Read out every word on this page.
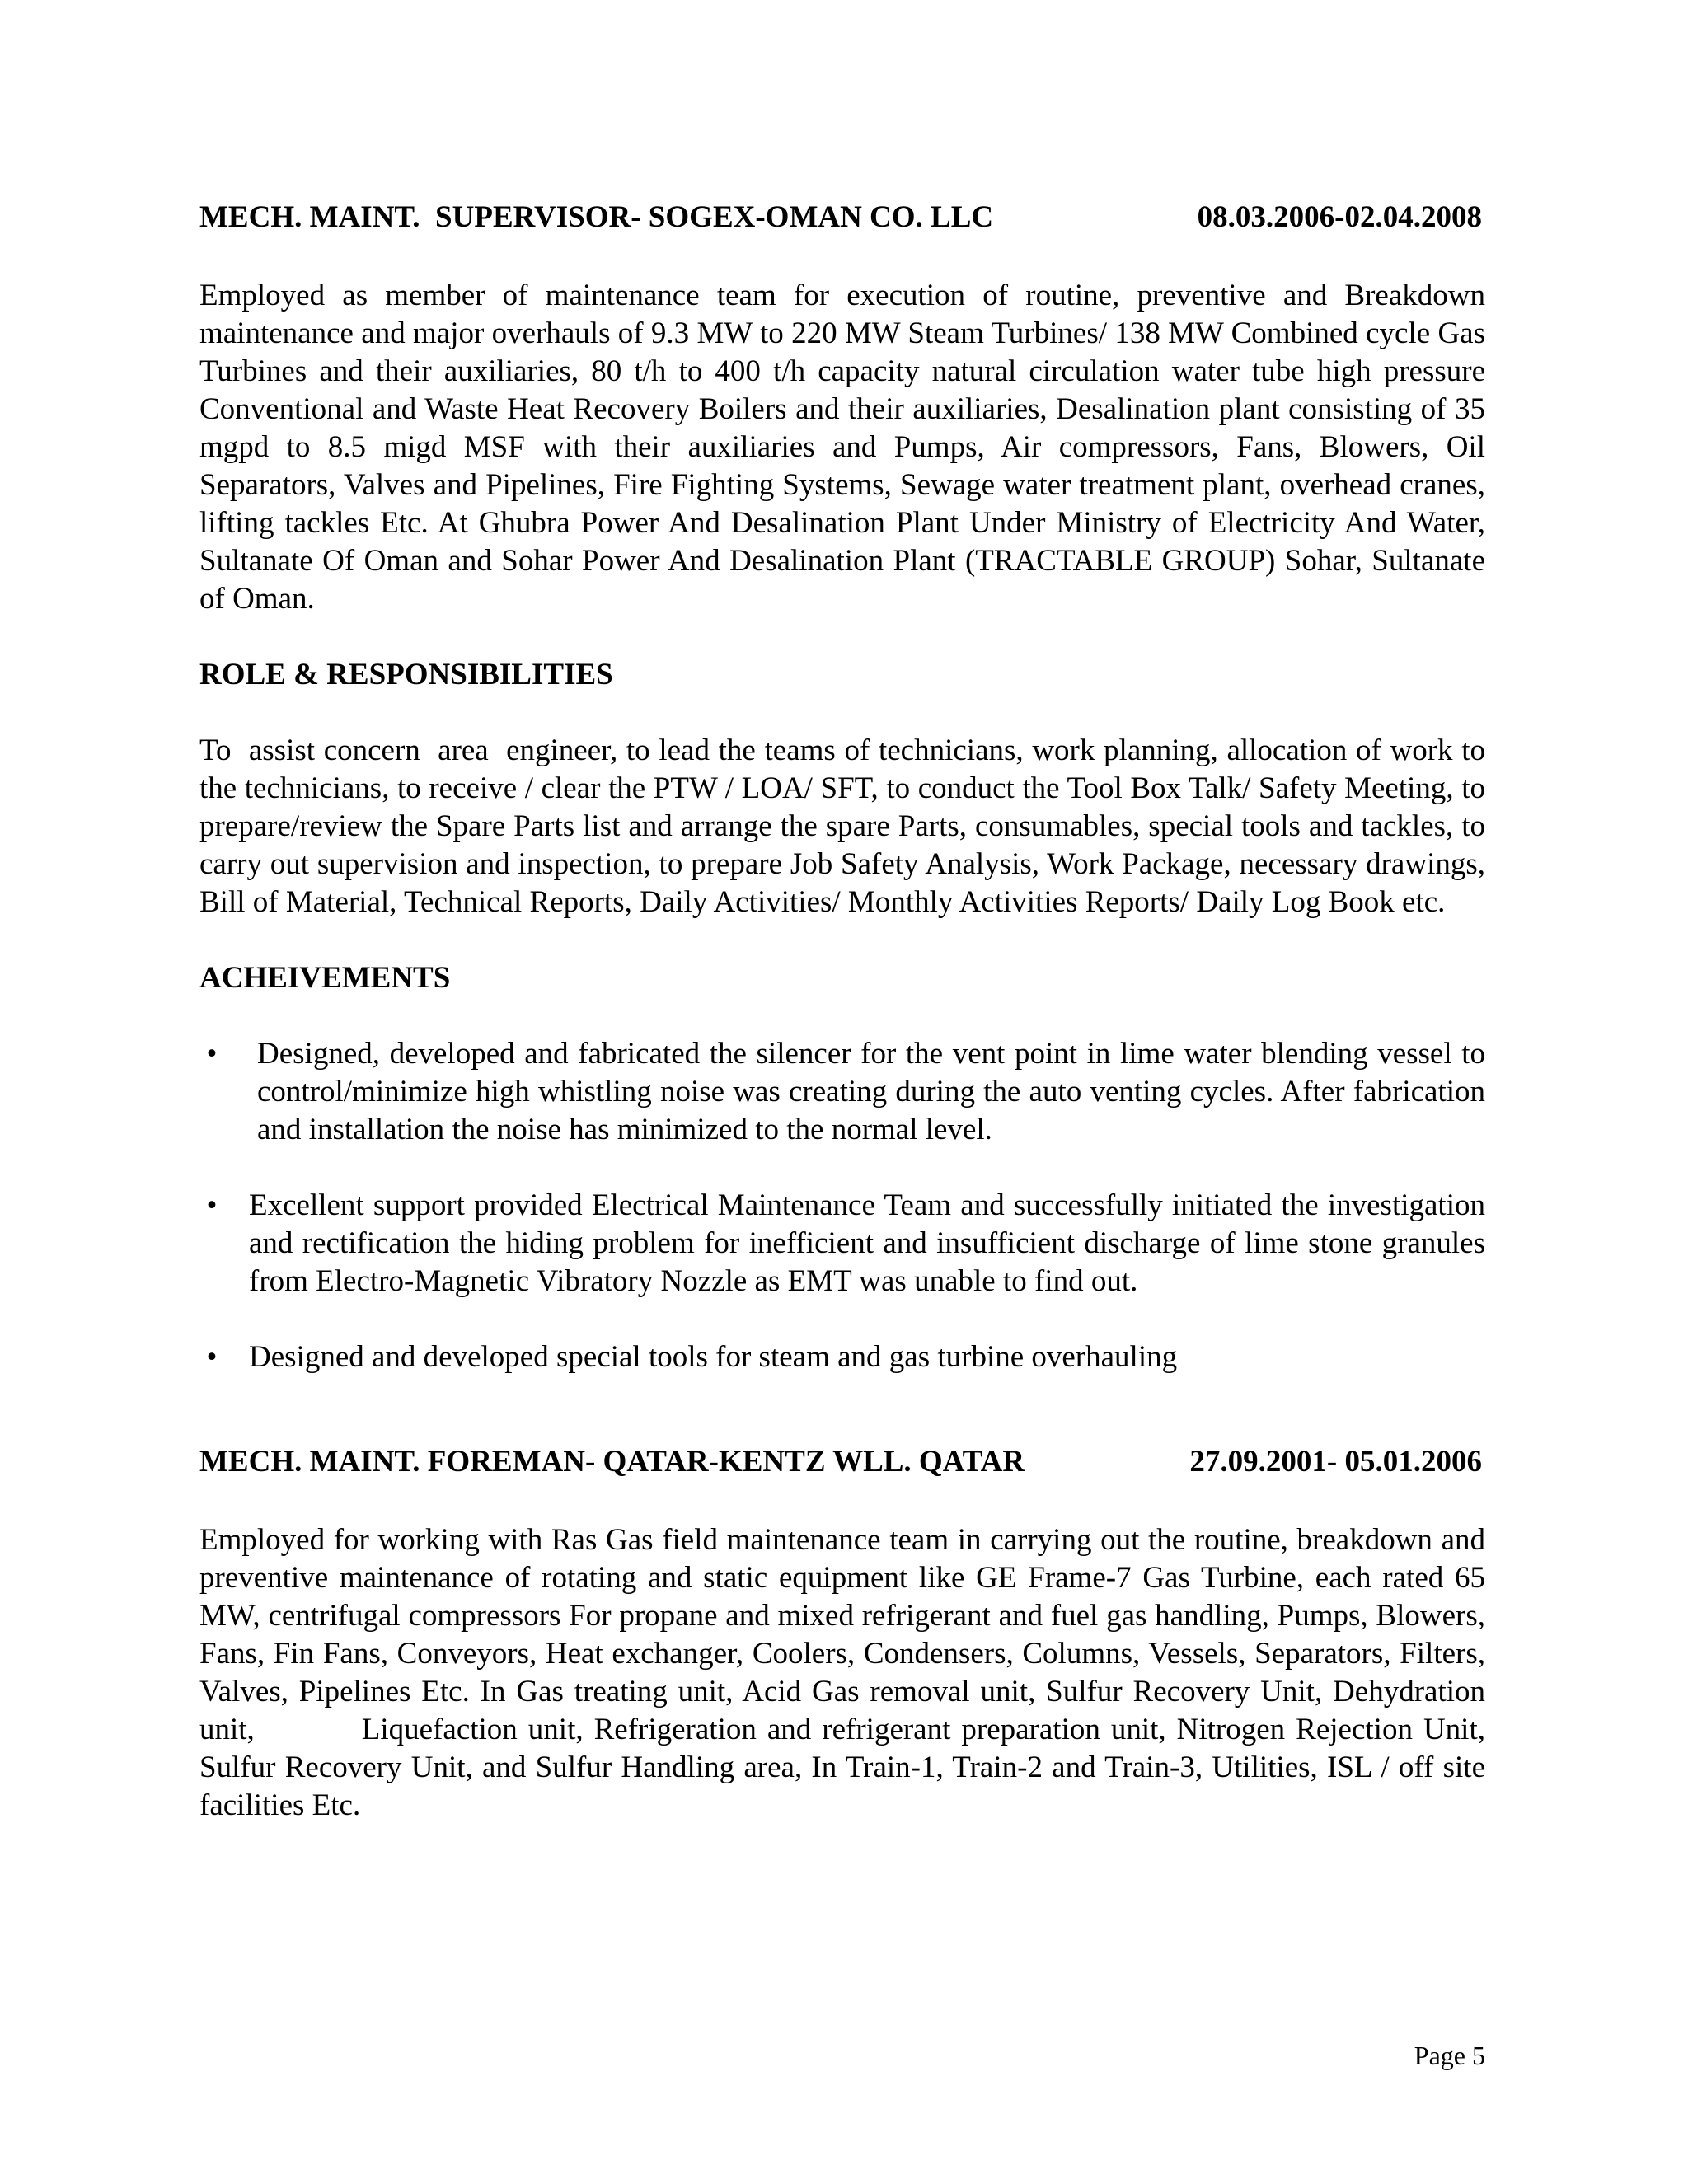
MECH. MAINT.  SUPERVISOR- SOGEX-OMAN CO. LLC	08.03.2006-02.04.2008

Employed as member of maintenance team for execution of routine, preventive and Breakdown maintenance and major overhauls of 9.3 MW to 220 MW Steam Turbines/ 138 MW Combined cycle Gas Turbines and their auxiliaries, 80 t/h to 400 t/h capacity natural circulation water tube high pressure Conventional and Waste Heat Recovery Boilers and their auxiliaries, Desalination plant consisting of 35 mgpd to 8.5 migd MSF with their auxiliaries and Pumps, Air compressors, Fans, Blowers, Oil Separators, Valves and Pipelines, Fire Fighting Systems, Sewage water treatment plant, overhead cranes, lifting tackles Etc. At Ghubra Power And Desalination Plant Under Ministry of Electricity And Water, Sultanate Of Oman and Sohar Power And Desalination Plant (TRACTABLE GROUP) Sohar, Sultanate of Oman.

ROLE & RESPONSIBILITIES

To  assist concern  area  engineer, to lead the teams of technicians, work planning, allocation of work to the technicians, to receive / clear the PTW / LOA/ SFT, to conduct the Tool Box Talk/ Safety Meeting, to prepare/review the Spare Parts list and arrange the spare Parts, consumables, special tools and tackles, to carry out supervision and inspection, to prepare Job Safety Analysis, Work Package, necessary drawings, Bill of Material, Technical Reports, Daily Activities/ Monthly Activities Reports/ Daily Log Book etc.

ACHEIVEMENTS

• Designed, developed and fabricated the silencer for the vent point in lime water blending vessel to control/minimize high whistling noise was creating during the auto venting cycles. After fabrication and installation the noise has minimized to the normal level.
• Excellent support provided Electrical Maintenance Team and successfully initiated the investigation and rectification the hiding problem for inefficient and insufficient discharge of lime stone granules from Electro-Magnetic Vibratory Nozzle as EMT was unable to find out.
• Designed and developed special tools for steam and gas turbine overhauling
MECH. MAINT. FOREMAN- QATAR-KENTZ WLL. QATAR	27.09.2001- 05.01.2006

Employed for working with Ras Gas field maintenance team in carrying out the routine, breakdown and preventive maintenance of rotating and static equipment like GE Frame-7 Gas Turbine, each rated 65 MW, centrifugal compressors For propane and mixed refrigerant and fuel gas handling, Pumps, Blowers, Fans, Fin Fans, Conveyors, Heat exchanger, Coolers, Condensers, Columns, Vessels, Separators, Filters, Valves, Pipelines Etc. In Gas treating unit, Acid Gas removal unit, Sulfur Recovery Unit, Dehydration unit,          Liquefaction unit, Refrigeration and refrigerant preparation unit, Nitrogen Rejection Unit, Sulfur Recovery Unit, and Sulfur Handling area, In Train-1, Train-2 and Train-3, Utilities, ISL / off site facilities Etc.

Page 5
